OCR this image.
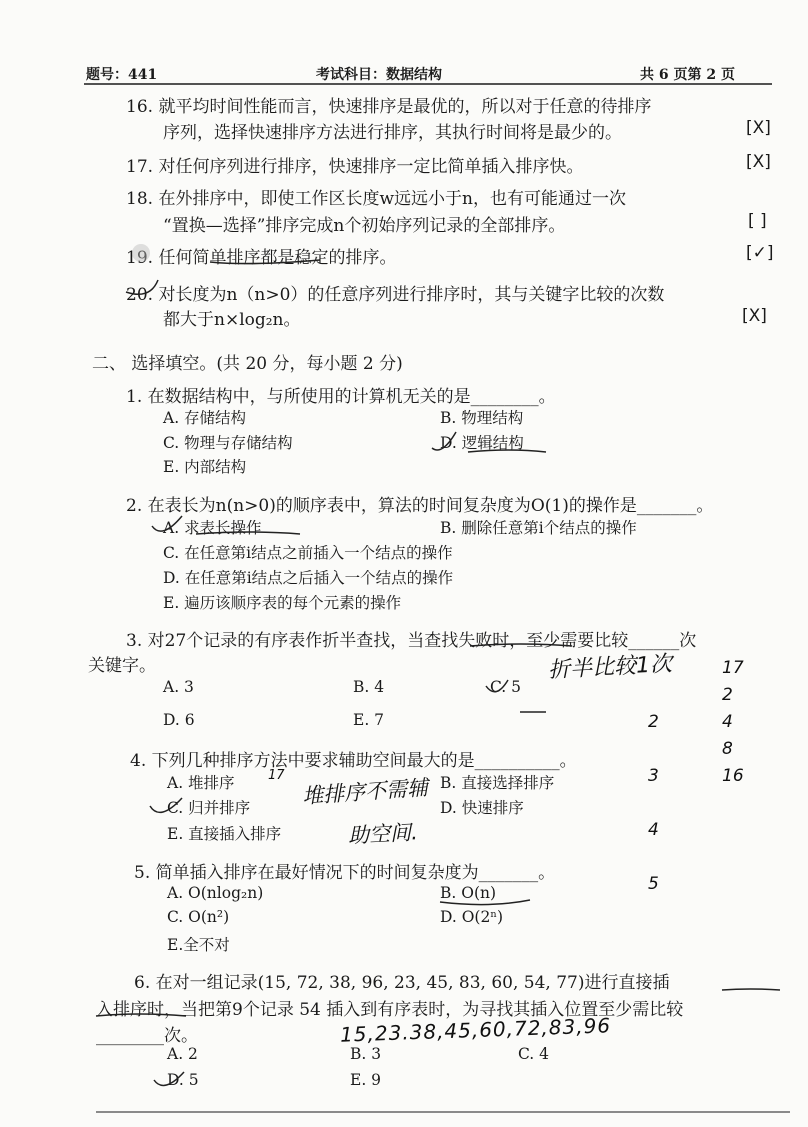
题号：441	考试科目：数据结构	共 6 页第 2 页
16. 就平均时间性能而言，快速排序是最优的，所以对于任意的待排序
序列，选择快速排序方法进行排序，其执行时间将是最少的。	[X]
17. 对任何序列进行排序，快速排序一定比简单插入排序快。	[X]
18. 在外排序中，即使工作区长度w远远小于n，也有可能通过一次
“置换—选择”排序完成n个初始序列记录的全部排序。	[ ]
19. 任何简单排序都是稳定的排序。	[✓]
20. 对长度为n（n>0）的任意序列进行排序时，其与关键字比较的次数
都大于n×log₂n。	[X]
二、 选择填空。(共 20 分，每小题 2 分)
1. 在数据结构中，与所使用的计算机无关的是________。
A. 存储结构	B. 物理结构
C. 物理与存储结构	D. 逻辑结构
E. 内部结构
2. 在表长为n(n>0)的顺序表中，算法的时间复杂度为O(1)的操作是_______。
A. 求表长操作	B. 删除任意第i个结点的操作
C. 在任意第i结点之前插入一个结点的操作
D. 在任意第i结点之后插入一个结点的操作
E. 遍历该顺序表的每个元素的操作
3. 对27个记录的有序表作折半查找，当查找失败时，至少需要比较______次
关键字。
A. 3	B. 4	C. 5
D. 6	E. 7
4. 下列几种排序方法中要求辅助空间最大的是__________。
A. 堆排序	B. 直接选择排序
C. 归并排序	D. 快速排序
E. 直接插入排序
5. 简单插入排序在最好情况下的时间复杂度为_______。
A. O(nlog₂n)	B. O(n)
C. O(n²)	D. O(2ⁿ)
E.全不对
6. 在对一组记录(15, 72, 38, 96, 23, 45, 83, 60, 54, 77)进行直接插
入排序时，当把第9个记录 54 插入到有序表时，为寻找其插入位置至少需比较
________次。
A. 2	B. 3	C. 4
D. 5	E. 9
折半比较1次

2

3

4

5

17
2
4
8
16
堆排序不需辅
助空间.
17
15,23.38,45,60,72,83,96
